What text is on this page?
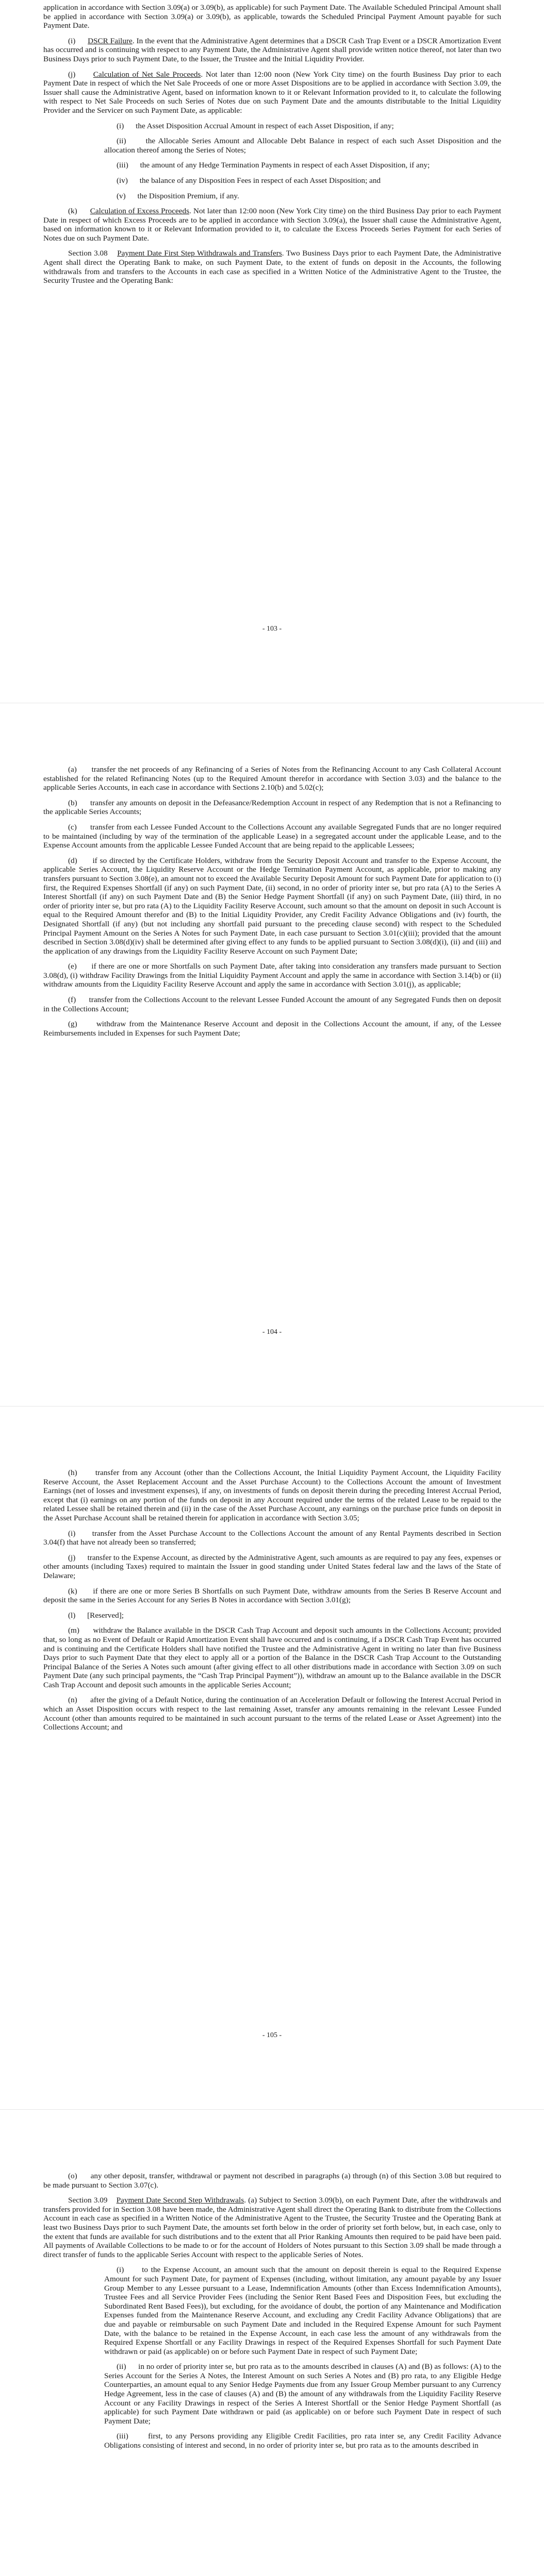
application in accordance with Section 3.09(a) or 3.09(b), as applicable) for such Payment Date. The Available Scheduled Principal Amount shall be applied in accordance with Section 3.09(a) or 3.09(b), as applicable, towards the Scheduled Principal Payment Amount payable for such Payment Date.

(i) DSCR Failure. In the event that the Administrative Agent determines that a DSCR Cash Trap Event or a DSCR Amortization Event has occurred and is continuing with respect to any Payment Date, the Administrative Agent shall provide written notice thereof, not later than two Business Days prior to such Payment Date, to the Issuer, the Trustee and the Initial Liquidity Provider.

(j) Calculation of Net Sale Proceeds. Not later than 12:00 noon (New York City time) on the fourth Business Day prior to each Payment Date in respect of which the Net Sale Proceeds of one or more Asset Dispositions are to be applied in accordance with Section 3.09, the Issuer shall cause the Administrative Agent, based on information known to it or Relevant Information provided to it, to calculate the following with respect to Net Sale Proceeds on such Series of Notes due on such Payment Date and the amounts distributable to the Initial Liquidity Provider and the Servicer on such Payment Date, as applicable:

(i) the Asset Disposition Accrual Amount in respect of each Asset Disposition, if any;

(ii)	the Allocable Series Amount and Allocable Debt Balance in respect of each such Asset Disposition and the allocation thereof among the Series of Notes;

(iii) the amount of any Hedge Termination Payments in respect of each Asset Disposition, if any;

(iv) the balance of any Disposition Fees in respect of each Asset Disposition; and

(v) the Disposition Premium, if any.

(k) Calculation of Excess Proceeds. Not later than 12:00 noon (New York City time) on the third Business Day prior to each Payment Date in respect of which Excess Proceeds are to be applied in accordance with Section 3.09(a), the Issuer shall cause the Administrative Agent, based on information known to it or Relevant Information provided to it, to calculate the Excess Proceeds Series Payment for each Series of Notes due on such Payment Date.

Section 3.08 Payment Date First Step Withdrawals and Transfers. Two Business Days prior to each Payment Date, the Administrative Agent shall direct the Operating Bank to make, on such Payment Date, to the extent of funds on deposit in the Accounts, the following withdrawals from and transfers to the Accounts in each case as specified in a Written Notice of the Administrative Agent to the Trustee, the Security Trustee and the Operating Bank:

- 103 -

(a) transfer the net proceeds of any Refinancing of a Series of Notes from the Refinancing Account to any Cash Collateral Account established for the related Refinancing Notes (up to the Required Amount therefor in accordance with Section 3.03) and the balance to the applicable Series Accounts, in each case in accordance with Sections 2.10(b) and 5.02(c);

(b) transfer any amounts on deposit in the Defeasance/Redemption Account in respect of any Redemption that is not a Refinancing to the applicable Series Accounts;

(c) transfer from each Lessee Funded Account to the Collections Account any available Segregated Funds that are no longer required to be maintained (including by way of the termination of the applicable Lease) in a segregated account under the applicable Lease, and to the Expense Account amounts from the applicable Lessee Funded Account that are being repaid to the applicable Lessees;

(d) if so directed by the Certificate Holders, withdraw from the Security Deposit Account and transfer to the Expense Account, the applicable Series Account, the Liquidity Reserve Account or the Hedge Termination Payment Account, as applicable, prior to making any transfers pursuant to Section 3.08(e), an amount not to exceed the Available Security Deposit Amount for such Payment Date for application to (i) first, the Required Expenses Shortfall (if any) on such Payment Date, (ii) second, in no order of priority inter se, but pro rata (A) to the Series A Interest Shortfall (if any) on such Payment Date and (B) the Senior Hedge Payment Shortfall (if any) on such Payment Date, (iii) third, in no order of priority inter se, but pro rata (A) to the Liquidity Facility Reserve Account, such amount so that the amount on deposit in such Account is equal to the Required Amount therefor and (B) to the Initial Liquidity Provider, any Credit Facility Advance Obligations and (iv) fourth, the Designated Shortfall (if any) (but not including any shortfall paid pursuant to the preceding clause second) with respect to the Scheduled Principal Payment Amount on the Series A Notes for such Payment Date, in each case pursuant to Section 3.01(c)(iii); provided that the amount described in Section 3.08(d)(iv) shall be determined after giving effect to any funds to be applied pursuant to Section 3.08(d)(i), (ii) and (iii) and the application of any drawings from the Liquidity Facility Reserve Account on such Payment Date;

(e) if there are one or more Shortfalls on such Payment Date, after taking into consideration any transfers made pursuant to Section 3.08(d), (i) withdraw Facility Drawings from the Initial Liquidity Payment Account and apply the same in accordance with Section 3.14(b) or (ii) withdraw amounts from the Liquidity Facility Reserve Account and apply the same in accordance with Section 3.01(j), as applicable;

(f) transfer from the Collections Account to the relevant Lessee Funded Account the amount of any Segregated Funds then on deposit in the Collections Account;

(g) withdraw from the Maintenance Reserve Account and deposit in the Collections Account the amount, if any, of the Lessee Reimbursements included in Expenses for such Payment Date;

- 104 -

(h) transfer from any Account (other than the Collections Account, the Initial Liquidity Payment Account, the Liquidity Facility Reserve Account, the Asset Replacement Account and the Asset Purchase Account) to the Collections Account the amount of Investment Earnings (net of losses and investment expenses), if any, on investments of funds on deposit therein during the preceding Interest Accrual Period, except that (i) earnings on any portion of the funds on deposit in any Account required under the terms of the related Lease to be repaid to the related Lessee shall be retained therein and (ii) in the case of the Asset Purchase Account, any earnings on the purchase price funds on deposit in the Asset Purchase Account shall be retained therein for application in accordance with Section 3.05;

(i) transfer from the Asset Purchase Account to the Collections Account the amount of any Rental Payments described in Section 3.04(f) that have not already been so transferred;

(j) transfer to the Expense Account, as directed by the Administrative Agent, such amounts as are required to pay any fees, expenses or other amounts (including Taxes) required to maintain the Issuer in good standing under United States federal law and the laws of the State of Delaware;

(k) if there are one or more Series B Shortfalls on such Payment Date, withdraw amounts from the Series B Reserve Account and deposit the same in the Series Account for any Series B Notes in accordance with Section 3.01(g);

(l) [Reserved];

(m) withdraw the Balance available in the DSCR Cash Trap Account and deposit such amounts in the Collections Account; provided that, so long as no Event of Default or Rapid Amortization Event shall have occurred and is continuing, if a DSCR Cash Trap Event has occurred and is continuing and the Certificate Holders shall have notified the Trustee and the Administrative Agent in writing no later than five Business Days prior to such Payment Date that they elect to apply all or a portion of the Balance in the DSCR Cash Trap Account to the Outstanding Principal Balance of the Series A Notes such amount (after giving effect to all other distributions made in accordance with Section 3.09 on such Payment Date (any such principal payments, the “Cash Trap Principal Payment”)), withdraw an amount up to the Balance available in the DSCR Cash Trap Account and deposit such amounts in the applicable Series Account;

(n) after the giving of a Default Notice, during the continuation of an Acceleration Default or following the Interest Accrual Period in which an Asset Disposition occurs with respect to the last remaining Asset, transfer any amounts remaining in the relevant Lessee Funded Account (other than amounts required to be maintained in such account pursuant to the terms of the related Lease or Asset Agreement) into the Collections Account; and

- 105 -

(o) any other deposit, transfer, withdrawal or payment not described in paragraphs (a) through (n) of this Section 3.08 but required to be made pursuant to Section 3.07(c).

Section 3.09 Payment Date Second Step Withdrawals. (a) Subject to Section 3.09(b), on each Payment Date, after the withdrawals and transfers provided for in Section 3.08 have been made, the Administrative Agent shall direct the Operating Bank to distribute from the Collections Account in each case as specified in a Written Notice of the Administrative Agent to the Trustee, the Security Trustee and the Operating Bank at least two Business Days prior to such Payment Date, the amounts set forth below in the order of priority set forth below, but, in each case, only to the extent that funds are available for such distributions and to the extent that all Prior Ranking Amounts then required to be paid have been paid. All payments of Available Collections to be made to or for the account of Holders of Notes pursuant to this Section 3.09 shall be made through a direct transfer of funds to the applicable Series Account with respect to the applicable Series of Notes.

(i) to the Expense Account, an amount such that the amount on deposit therein is equal to the Required Expense Amount for such Payment Date, for payment of Expenses (including, without limitation, any amount payable by any Issuer Group Member to any Lessee pursuant to a Lease, Indemnification Amounts (other than Excess Indemnification Amounts), Trustee Fees and all Service Provider Fees (including the Senior Rent Based Fees and Disposition Fees, but excluding the Subordinated Rent Based Fees)), but excluding, for the avoidance of doubt, the portion of any Maintenance and Modification Expenses funded from the Maintenance Reserve Account, and excluding any Credit Facility Advance Obligations) that are due and payable or reimbursable on such Payment Date and included in the Required Expense Amount for such Payment Date, with the balance to be retained in the Expense Account, in each case less the amount of any withdrawals from the Required Expense Shortfall or any Facility Drawings in respect of the Required Expenses Shortfall for such Payment Date withdrawn or paid (as applicable) on or before such Payment Date in respect of such Payment Date;

(ii) in no order of priority inter se, but pro rata as to the amounts described in clauses (A) and (B) as follows: (A) to the Series Account for the Series A Notes, the Interest Amount on such Series A Notes and (B) pro rata, to any Eligible Hedge Counterparties, an amount equal to any Senior Hedge Payments due from any Issuer Group Member pursuant to any Currency Hedge Agreement, less in the case of clauses (A) and (B) the amount of any withdrawals from the Liquidity Facility Reserve Account or any Facility Drawings in respect of the Series A Interest Shortfall or the Senior Hedge Payment Shortfall (as applicable) for such Payment Date withdrawn or paid (as applicable) on or before such Payment Date in respect of such Payment Date;

(iii)	first, to any Persons providing any Eligible Credit Facilities, pro rata inter se, any Credit Facility Advance Obligations consisting of interest and second, in no order of priority inter se, but pro rata as to the amounts described in
